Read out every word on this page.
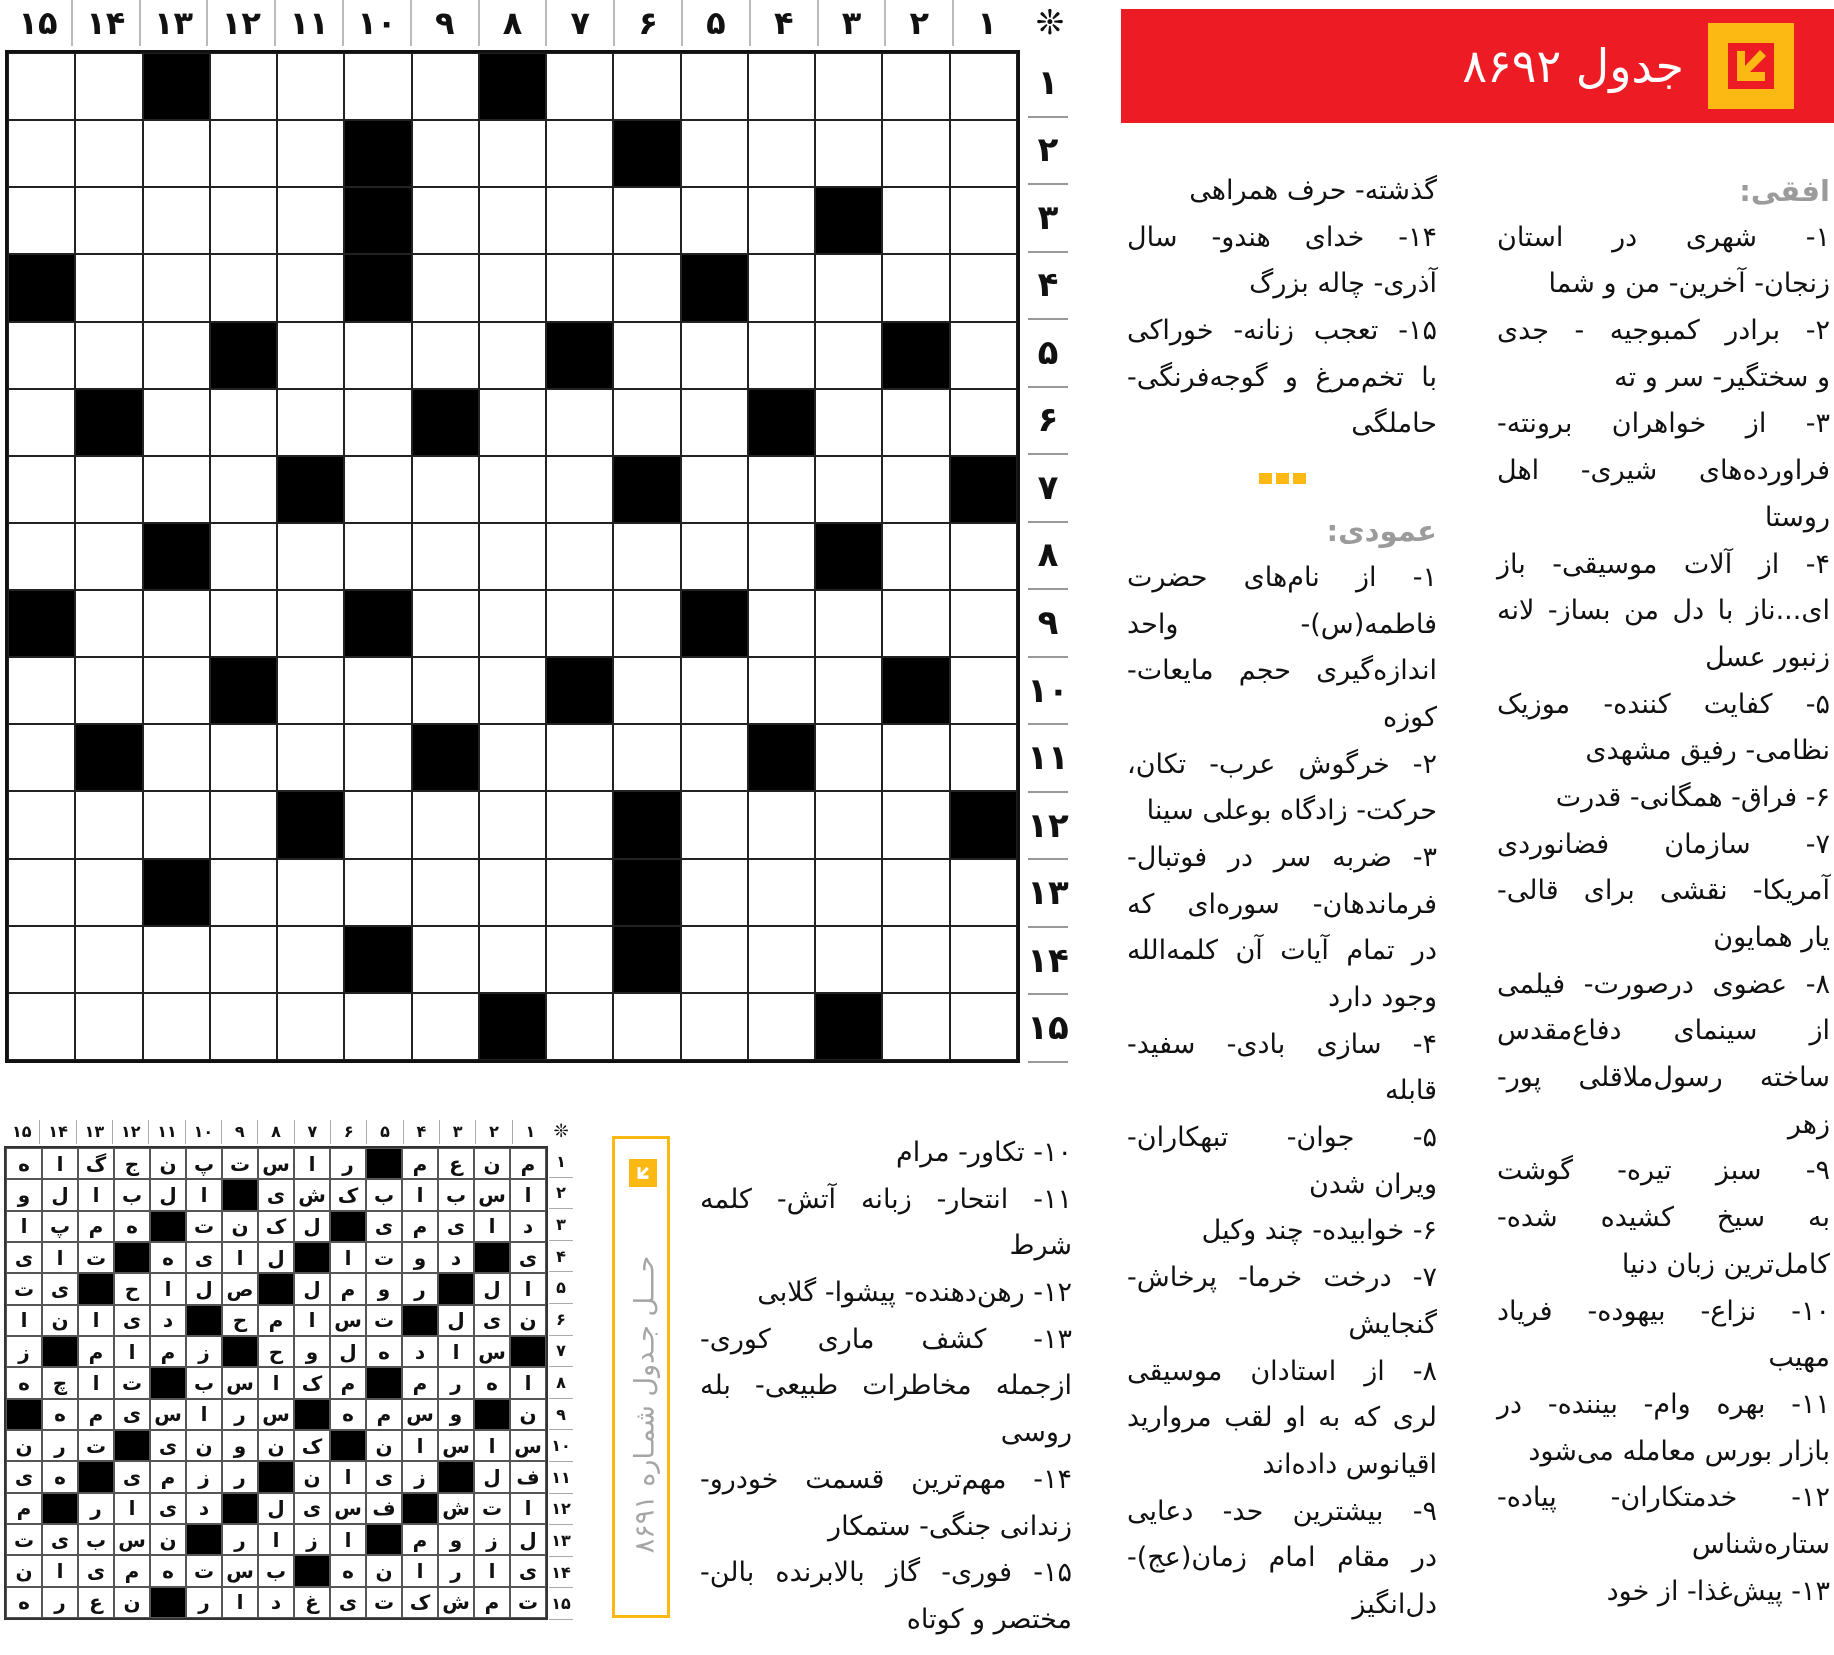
۱
۲
۳
۴
۵
۶
۷
۸
۹
۱۰
۱۱
۱۲
۱۳
۱۴
۱۵	❊
۱
۲
۳
۴
۵
۶
۷
۸
۹
۱۰
۱۱
۱۲
۱۳
۱۴
۱۵
جدول ۸۶۹۲
افقی:
۱- شهری در استان
زنجان- آخرین- من و شما
۲- برادر کمبوجیه - جدی
و سختگیر- سر و ته
۳- از خواهران برونته-
فراورده‌های شیری- اهل
روستا
۴- از آلات موسیقی- باز
ای...ناز با دل من بساز- لانه
زنبور عسل
۵- کفایت کننده- موزیک
نظامی- رفیق مشهدی
۶- فراق- همگانی- قدرت
۷- سازمان فضانوردی
آمریکا- نقشی برای قالی-
یار همایون
۸- عضوی درصورت- فیلمی
از سینمای دفاع‌مقدس
ساخته رسول‌ملاقلی پور-
زهر
۹- سبز تیره- گوشت
به سیخ کشیده شده-
کامل‌ترین زبان دنیا
۱۰- نزاع- بیهوده- فریاد
مهیب
۱۱- بهره وام- بیننده- در
بازار بورس معامله می‌شود
۱۲- خدمتکاران- پیاده-
ستاره‌شناس
۱۳- پیش‌غذا- از خود
گذشته- حرف همراهی
۱۴- خدای هندو- سال
آذری- چاله بزرگ
۱۵- تعجب زنانه- خوراکی
با تخم‌مرغ و گوجه‌فرنگی-
حاملگی
عمودی:
۱- از نام‌های حضرت
فاطمه(س)- واحد
اندازه‌گیری حجم مایعات-
کوزه
۲- خرگوش عرب- تکان،
حرکت- زادگاه بوعلی سینا
۳- ضربه سر در فوتبال-
فرماندهان- سوره‌ای که
در تمام آیات آن کلمه‌الله
وجود دارد
۴- سازی بادی- سفید-
قابله
۵- جوان- تبهکاران-
ویران شدن
۶- خوابیده- چند وکیل
۷- درخت خرما- پرخاش-
گنجایش
۸- از استادان موسیقی
لری که به او لقب مروارید
اقیانوس داده‌اند
۹- بیشترین حد- دعایی
در مقام امام زمان(عج)-
دل‌انگیز
۱۰- تکاور- مرام
۱۱- انتحار- زبانه آتش- کلمه
شرط
۱۲- رهن‌دهنده- پیشوا- گلابی
۱۳- کشف ماری کوری-
ازجمله مخاطرات طبیعی- بله
روسی
۱۴- مهم‌ترین قسمت خودرو-
زندانی جنگی- ستمکار
۱۵- فوری- گاز بالابرنده بالن-
مختصر و کوتاه
حـــل جـدول شمـاره ۸۶۹۱
۱
۲
۳
۴
۵
۶
۷
۸
۹
۱۰
۱۱
۱۲
۱۳
۱۴
۱۵	❊
م
ن
ع
م
ر
ا
س
ت
پ
ن
ج
گ
ا
ه
ا
س
ب
ا
ب
ک
ش
ی
ا
ل
ب
ا
ل
و
د
ا
ی
م
ی
ل
ک
ن
ت
ه
م
پ
ا
ی
د
و
ت
ا
ل
ا
ی
ه
ت
ا
ی
ا
ل
ر
و
م
ل
ص
ل
ا
ح
ی
ت
ن
ی
ل
ت
س
ا
م
ح
د
ی
ا
ن
ا
س
ا
د
ه
ل
و
ح
ز
م
ا
م
ز
ا
ه
ر
م
م
ک
ا
س
ب
ت
ا
چ
ه
ن
و
س
م
ه
س
ر
ا
س
ی
م
ه
س
ا
س
ا
ن
ک
ن
و
ن
ی
ت
ر
ن
ف
ل
ز
ی
ا
ن
ر
ز
م
ی
ه
ی
ا
ت
ش
ف
س
ی
ل
د
ی
ا
ر
م
ل
ز
و
م
ا
ز
ا
ر
ن
س
ب
ی
ت
ی
ا
ر
ا
ن
ه
ب
س
ت
ه
م
ی
ا
ن
ت
م
ش
ک
ت
ی
غ
د
ا
ر
ن
ع
ر
ه
۱
۲
۳
۴
۵
۶
۷
۸
۹
۱۰
۱۱
۱۲
۱۳
۱۴
۱۵
